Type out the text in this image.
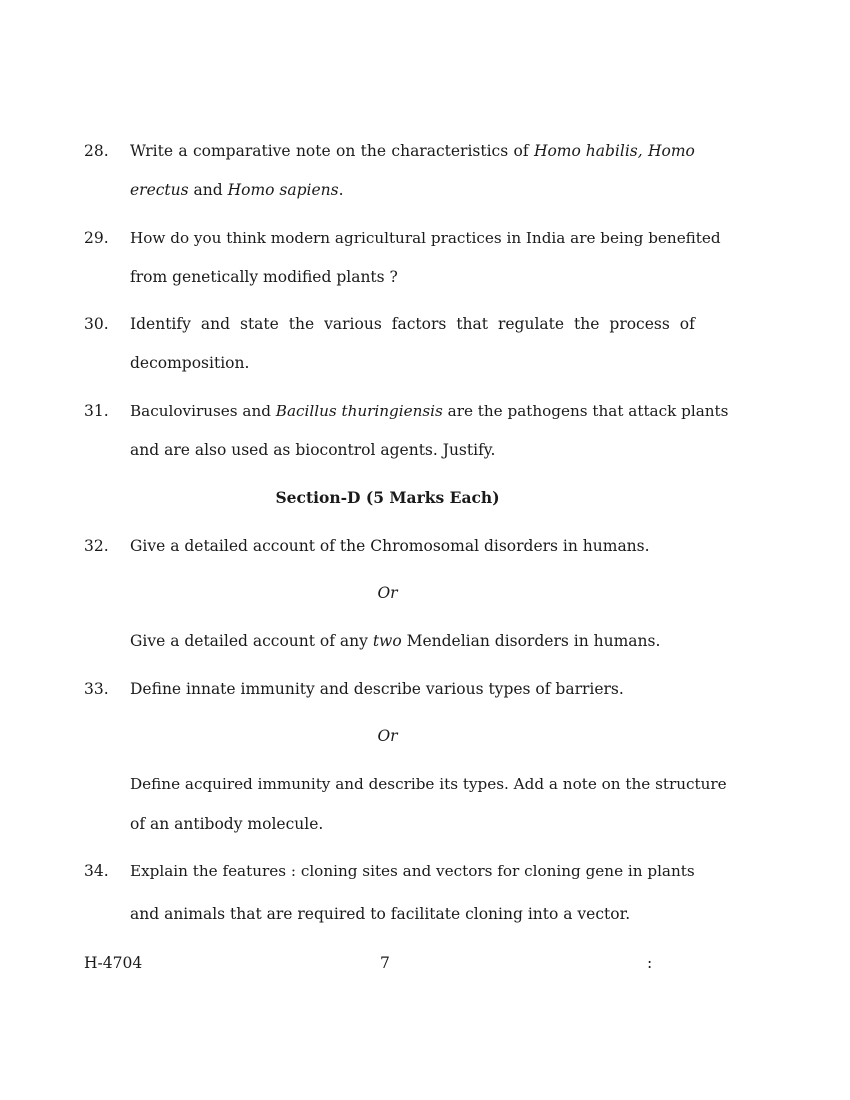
28.	Write a comparative note on the characteristics of Homo habilis, Homo
erectus and Homo sapiens.
29.	How do you think modern agricultural practices in India are being benefited
from genetically modified plants ?
30.	Identify and state the various factors that regulate the process of
decomposition.
31.	Baculoviruses and Bacillus thuringiensis are the pathogens that attack plants
and are also used as biocontrol agents. Justify.
Section-D (5 Marks Each)
32.	Give a detailed account of the Chromosomal disorders in humans.
Or
Give a detailed account of any two Mendelian disorders in humans.
33.	Define innate immunity and describe various types of barriers.
Or
Define acquired immunity and describe its types. Add a note on the structure
of an antibody molecule.
34.	Explain the features : cloning sites and vectors for cloning gene in plants
and animals that are required to facilitate cloning into a vector.
H-4704	7	:
